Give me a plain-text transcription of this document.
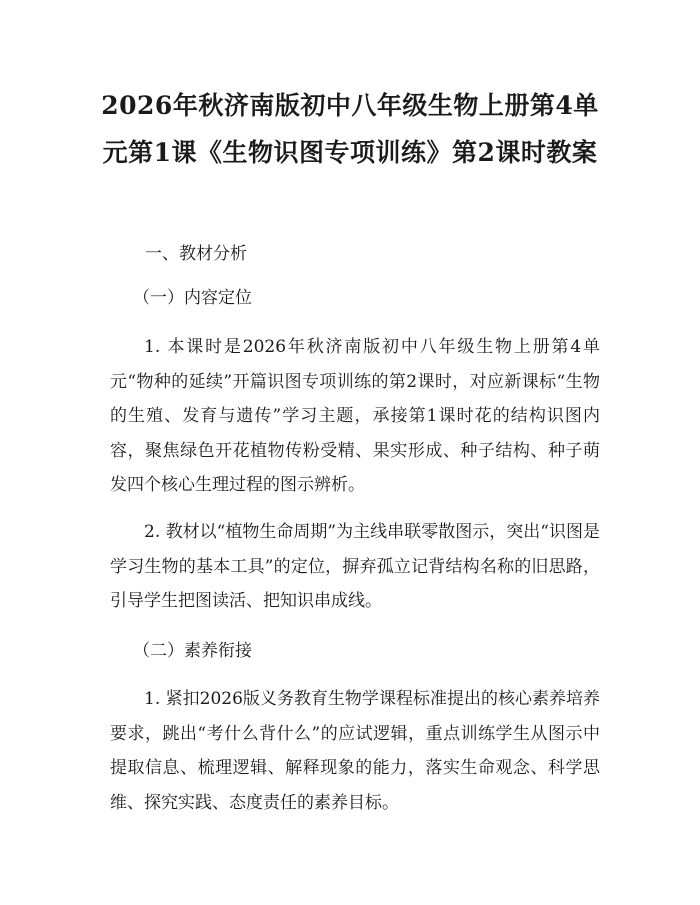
2026年秋济南版初中八年级生物上册第4单元第1课《生物识图专项训练》第2课时教案
一、教材分析
（一）内容定位
1. 本课时是2026年秋济南版初中八年级生物上册第4单元“物种的延续”开篇识图专项训练的第2课时，对应新课标“生物的生殖、发育与遗传”学习主题，承接第1课时花的结构识图内容，聚焦绿色开花植物传粉受精、果实形成、种子结构、种子萌发四个核心生理过程的图示辨析。
2. 教材以“植物生命周期”为主线串联零散图示，突出“识图是学习生物的基本工具”的定位，摒弃孤立记背结构名称的旧思路，引导学生把图读活、把知识串成线。
（二）素养衔接
1. 紧扣2026版义务教育生物学课程标准提出的核心素养培养要求，跳出“考什么背什么”的应试逻辑，重点训练学生从图示中提取信息、梳理逻辑、解释现象的能力，落实生命观念、科学思维、探究实践、态度责任的素养目标。
